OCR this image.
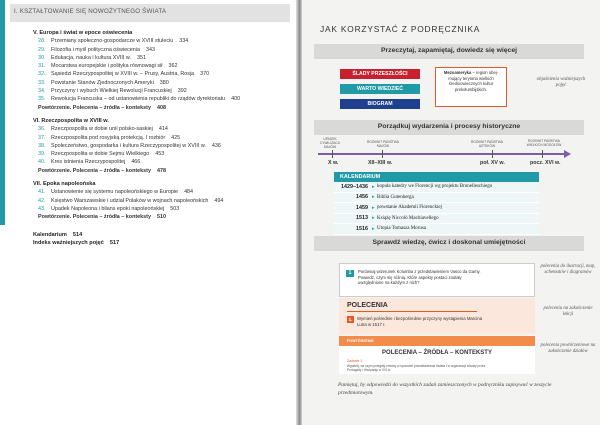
I. KSZTAŁTOWANIE SIĘ NOWOŻYTNEGO ŚWIATA
V. Europa i świat w epoce oświecenia
28. Przemiany społeczno-gospodarcze w XVIII stuleciu 334
29. Filozofia i myśl polityczna oświecenia 343
30. Edukacja, nauka i kultura XVIII w. 351
31. Mocarstwa europejskie i polityka równowagi sił 362
32. Sąsiedzi Rzeczypospolitej w XVIII w. – Prusy, Austria, Rosja 370
33. Powstanie Stanów Zjednoczonych Ameryki 380
34. Przyczyny i wybuch Wielkiej Rewolucji Francuskiej 392
35. Rewolucja Francuska – od ustanowienia republiki do rządów dyrektoriatu 400
Powtórzenie. Polecenia – źródła – konteksty 408
VI. Rzeczpospolita w XVIII w.
36. Rzeczpospolita w dobie unii polsko-saskiej 414
37. Rzeczpospolita pod rosyjską protekcją. I rozbiór 425
38. Społeczeństwo, gospodarka i kultura Rzeczypospolitej w XVIII w. 436
39. Rzeczpospolita w dobie Sejmu Wielkiego 453
40. Kres istnienia Rzeczypospolitej 466
Powtórzenie. Polecenia – źródła – konteksty 478
VII. Epoka napoleońska
41. Ustanowienie się systemu napoleońskiego w Europie 484
42. Księstwo Warszawskie i udział Polaków w wojnach napoleońskich 494
43. Upadek Napoleona i bilans epoki napoleońskiej 503
Powtórzenie. Polecenia – źródła – konteksty 510
Kalendarium 514
Indeks ważniejszych pojęć 517
JAK KORZYSTAĆ Z PODRĘCZNIKA
Przeczytaj, zapamiętaj, dowiedz się więcej
ŚLADY PRZESZŁOŚCI
WARTO WIEDZIEĆ
BIOGRAM
Mezoameryka – region obej-mujący terytoria wielkich średniowiecznych kultur prekolumbijskich.
objaśnienia ważniejszych pojęć
Porządkuj wydarzenia i procesy historyczne
UPADEK CYWILIZACJI MAJÓW
ROZKWIT PAŃSTWA MAJÓW
ROZKWIT PAŃSTWA AZTEKÓW
ROZKWIT PAŃSTWA WIELKICH MOGOŁÓW
X w.	XII–XIII w.	poł. XV w.	pocz. XVI w.
KALENDARIUM
1429–1436 ▸ kopuła katedry we Florencji wg projektu Brunelleschiego
1456 ▸ Biblia Gutenberga
1459 ▸ powstanie Akademii Florenckiej
1513 ▸ Książę Niccolò Machiavellego
1516 ▸ Utopia Tomasza Morusa
Sprawdź wiedzę, ćwicz i doskonal umiejętności
1	Porównaj wizerunek Kolumba z przedstawieniem Vasco da Gamy. Powiedz, czym się różnią. Które aspekty postaci zostały uwzględnione na każdym z nich?
polecenia do ilustracji, map, schematów i diagramów
POLECENIA
1.	Wymień pośrednie i bezpośrednie przyczyny wystąpienia Marcina Lutra w 1517 r.
polecenia na zakończenie lekcji
POWTÓRZENIE
POLECENIA – ŹRÓDŁA – KONTEKSTY
Zadanie 1
Wyjaśnij, na czym polegały zmiany w sposobie przedstawiania świata i w organizacji władzy przez Portugalię i Hiszpanię w XVI w.
polecenia powtórzeniowe na zakończenie działów
Pamiętaj, by odpowiedzi do wszystkich zadań zamieszczonych w podręczniku zapisywać w zeszycie przedmiotowym.
